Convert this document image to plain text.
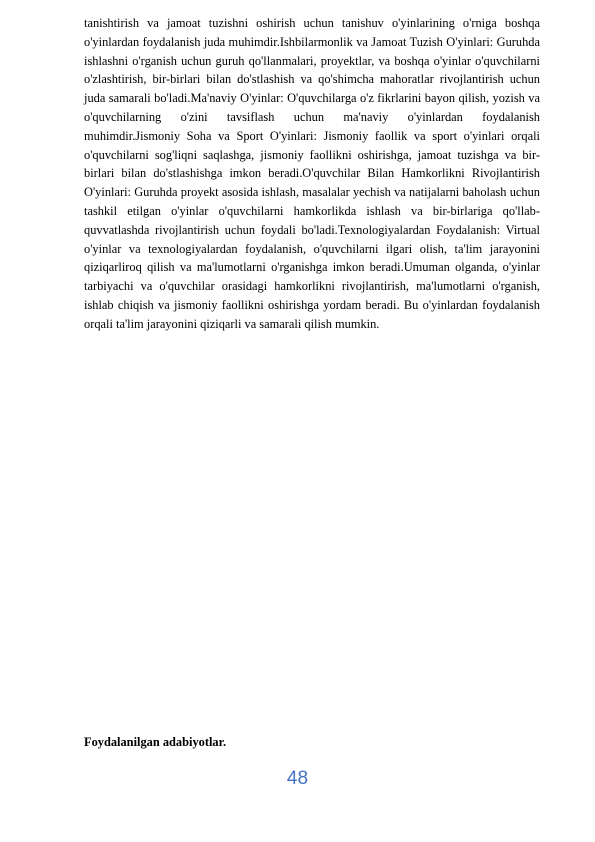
tanishtirish va jamoat tuzishni oshirish uchun tanishuv o'yinlarining o'rniga boshqa o'yinlardan foydalanish juda muhimdir.Ishbilarmonlik va Jamoat Tuzish O'yinlari: Guruhda ishlashni o'rganish uchun guruh qo'llanmalari, proyektlar, va boshqa o'yinlar o'quvchilarni o'zlashtirish, bir-birlari bilan do'stlashish va qo'shimcha mahoratlar rivojlantirish uchun juda samarali bo'ladi.Ma'naviy O'yinlar: O'quvchilarga o'z fikrlarini bayon qilish, yozish va o'quvchilarning o'zini tavsiflash uchun ma'naviy o'yinlardan foydalanish muhimdir.Jismoniy Soha va Sport O'yinlari: Jismoniy faollik va sport o'yinlari orqali o'quvchilarni sog'liqni saqlashga, jismoniy faollikni oshirishga, jamoat tuzishga va bir-birlari bilan do'stlashishga imkon beradi.O'quvchilar Bilan Hamkorlikni Rivojlantirish O'yinlari: Guruhda proyekt asosida ishlash, masalalar yechish va natijalarni baholash uchun tashkil etilgan o'yinlar o'quvchilarni hamkorlikda ishlash va bir-birlariga qo'llab-quvvatlashda rivojlantirish uchun foydali bo'ladi.Texnologiyalardan Foydalanish: Virtual o'yinlar va texnologiyalardan foydalanish, o'quvchilarni ilgari olish, ta'lim jarayonini qiziqarliroq qilish va ma'lumotlarni o'rganishga imkon beradi.Umuman olganda, o'yinlar tarbiyachi va o'quvchilar orasidagi hamkorlikni rivojlantirish, ma'lumotlarni o'rganish, ishlab chiqish va jismoniy faollikni oshirishga yordam beradi. Bu o'yinlardan foydalanish orqali ta'lim jarayonini qiziqarli va samarali qilish mumkin.

Foydalanilgan adabiyotlar.

48
